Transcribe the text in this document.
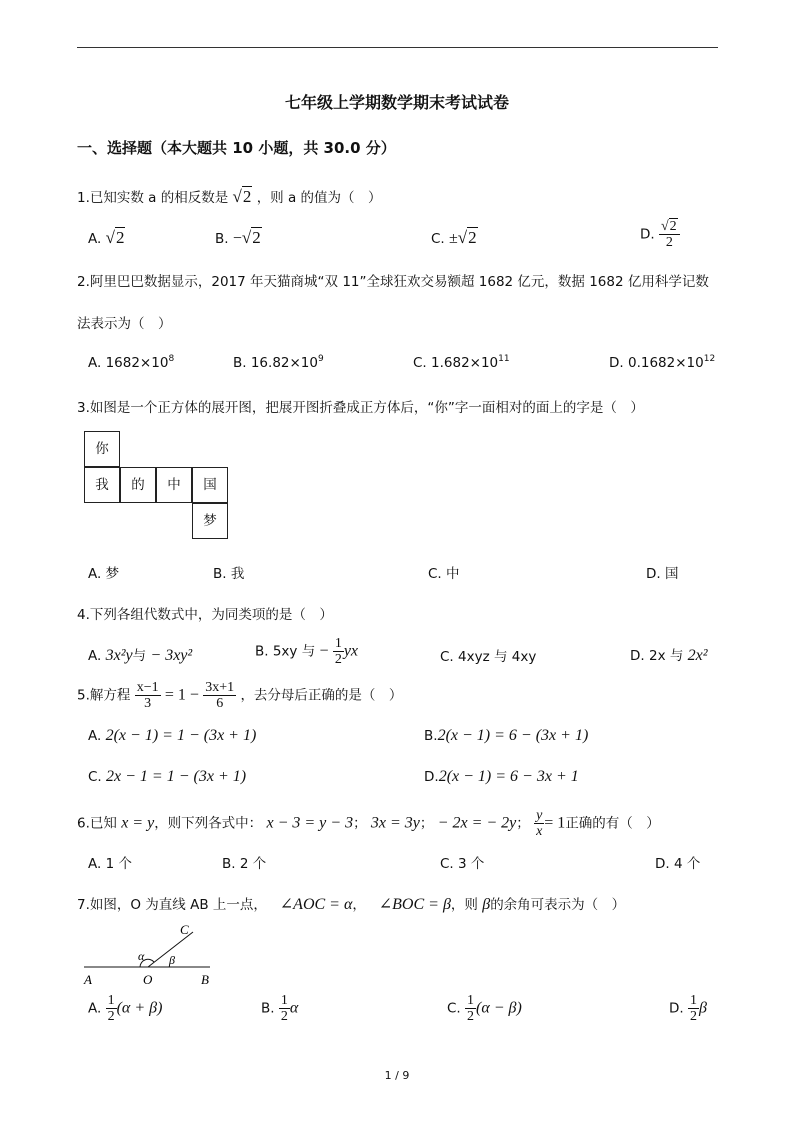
七年级上学期数学期末考试试卷
一、选择题（本大题共 10 小题，共 30.0 分）
1.已知实数 a 的相反数是 √2 ，则 a 的值为（　）
A. √2	B. −√2	C. ±√2	D. $\frac{√2}{2}$
2.阿里巴巴数据显示，2017 年天猫商城“双 11”全球狂欢交易额超 1682 亿元，数据 1682 亿用科学记数
法表示为（　）
A. $1682\times 10^8$	B. $16.82\times 10^9$	C. $1.682\times 10^{11}$	D. $0.1682\times 10^{12}$
3.如图是一个正方体的展开图，把展开图折叠成正方体后，“你”字一面相对的面上的字是（　）
你
我	的	中	国
梦
A. 梦	B. 我	C. 中	D. 国
4.下列各组代数式中，为同类项的是（　）
A. 3x²y与 − 3xy²	B. 5xy 与 − $\frac{1}{2}$ yx	C. 4xyz 与 4xy	D. 2x 与 2x²
5.解方程 $\frac{x-1}{3} = 1 - \frac{3x+1}{6}$ ，去分母后正确的是（　）
A. 2(x − 1) = 1 − (3x + 1)	B.2(x − 1) = 6 − (3x + 1)
C. 2x − 1 = 1 − (3x + 1)	D.2(x − 1) = 6 − 3x + 1
6.已知 x = y，则下列各式中： x − 3 = y − 3； 3x = 3y； − 2x = − 2y； $\frac{y}{x} = 1$正确的有（　）
A. 1 个	B. 2 个	C. 3 个	D. 4 个
7.如图，O 为直线 AB 上一点， ∠AOC = α， ∠BOC = β，则 β的余角可表示为（　）
A	O	B
C
α β
A. $\frac{1}{2} (\alpha + \beta)$	B. $\frac{1}{2}$ α	C. $\frac{1}{2} (\alpha - \beta)$	D. $\frac{1}{2}$ β
1 / 9
